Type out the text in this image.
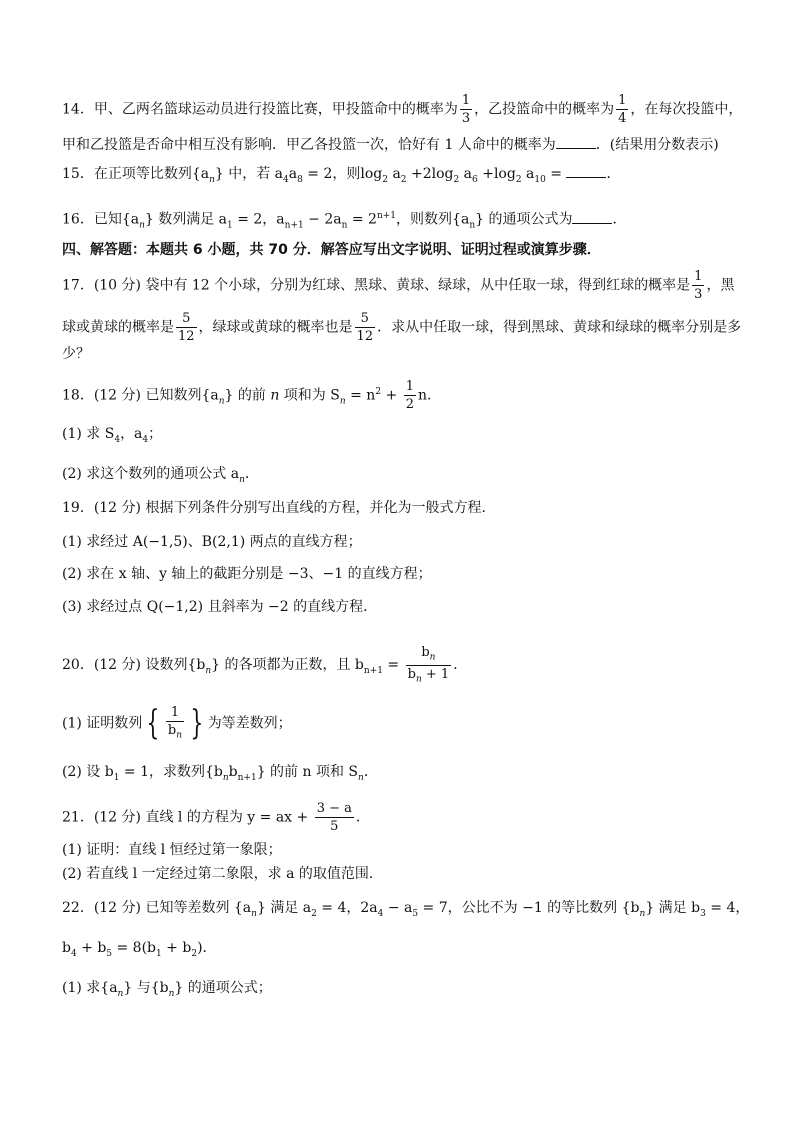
14．甲、乙两名篮球运动员进行投篮比赛，甲投篮命中的概率为 $\frac{1}{3}$ ，乙投篮命中的概率为 $\frac{1}{4}$ ，在每次投篮中，
甲和乙投篮是否命中相互没有影响．甲乙各投篮一次，恰好有 1 人命中的概率为	．(结果用分数表示)
15．在正项等比数列$\{a_n\}$ 中，若 $a_4a_8 = 2$，则$\log_2 a_2 +2\log_2$ $a_6 +\log_2$ $a_{10}$ =	．
16．已知$\{a_n\}$ 数列满足 $a_1 = 2$，$a_{n+1} - 2a_n = 2^{n+1}$，则数列$\{a_n\}$ 的通项公式为	．
四、解答题：本题共 6 小题，共 70 分．解答应写出文字说明、证明过程或演算步骤．
17．(10 分) 袋中有 12 个小球，分别为红球、黑球、黄球、绿球，从中任取一球，得到红球的概率是 $\frac{1}{3}$ ，黑
球或黄球的概率是 $\frac{5}{12}$ ，绿球或黄球的概率也是 $\frac{5}{12}$ ．求从中任取一球，得到黑球、黄球和绿球的概率分别是多
少？
18．(12 分) 已知数列$\{a_n\}$ 的前 n 项和为 $S_n = n^2 + \frac{1}{2}$ n．
(1) 求 $S_4$，$a_4$；
(2) 求这个数列的通项公式 $a_n$．
19．(12 分) 根据下列条件分别写出直线的方程，并化为一般式方程．
(1) 求经过 A(−1,5)、B(2,1) 两点的直线方程；
(2) 求在 x 轴、y 轴上的截距分别是 −3、−1 的直线方程；
(3) 求经过点 Q(−1,2) 且斜率为 −2 的直线方程．
20．(12 分) 设数列$\{b_n\}$ 的各项都为正数，且 $b_{n+1} = \frac{b_n}{b_n + 1}$ ．
(1) 证明数列 { $\frac{1}{b_n}$ } 为等差数列；
(2) 设 $b_1 = 1$，求数列$\{b_nb_{n+1}\}$ 的前 n 项和 $S_n$．
21．(12 分) 直线 l 的方程为 y = ax + $\frac{3 - a}{5}$ ．
(1) 证明：直线 l 恒经过第一象限；
(2) 若直线 l 一定经过第二象限，求 a 的取值范围．
22．(12 分) 已知等差数列 $\{a_n\}$ 满足 $a_2 = 4$，$2a_4 - a_5 = 7$，公比不为 −1 的等比数列 $\{b_n\}$ 满足 $b_3 = 4$，
$b_4 + b_5 = 8(b_1 + b_2)$．
(1) 求$\{a_n\}$ 与$\{b_n\}$ 的通项公式；
